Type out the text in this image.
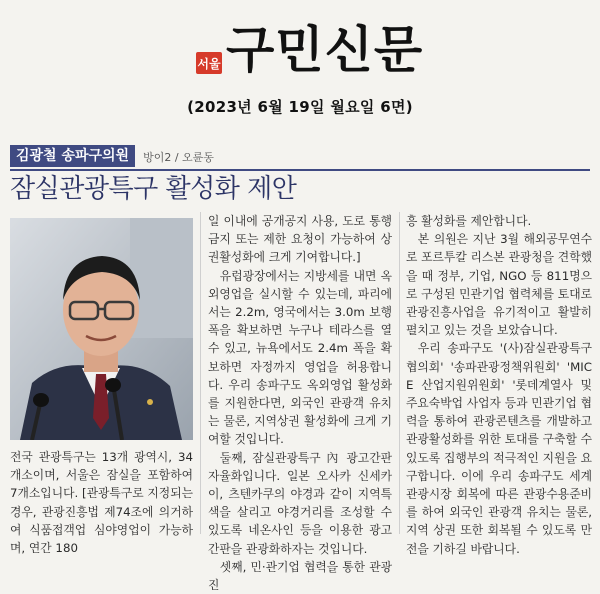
서울 구민신문
(2023년 6월 19일 월요일 6면)
김광철 송파구의원	방이2 / 오륜동
잠실관광특구 활성화 제안

전국 관광특구는 13개 광역시, 34개소이며, 서울은 잠실을 포함하여 7개소입니다. [관광특구로 지정되는 경우, 관광진흥법 제74조에 의거하여 식품접객업 심야영업이 가능하며, 연간 180

일 이내에 공개공지 사용, 도로 통행금지 또는 제한 요청이 가능하여 상권활성화에 크게 기여합니다.]

유럽광장에서는 지방세를 내면 옥외영업을 실시할 수 있는데, 파리에서는 2.2m, 영국에서는 3.0m 보행폭을 확보하면 누구나 테라스를 열 수 있고, 뉴욕에서도 2.4m 폭을 확보하면 자정까지 영업을 허용합니다. 우리 송파구도 옥외영업 활성화를 지원한다면, 외국인 관광객 유치는 물론, 지역상권 활성화에 크게 기여할 것입니다.

둘째, 잠실관광특구 內 광고간판 자율화입니다. 일본 오사카 신세카이, 츠텐카쿠의 야경과 같이 지역특색을 살리고 야경거리를 조성할 수 있도록 네온사인 등을 이용한 광고간판을 관광화하자는 것입니다.

셋째, 민·관기업 협력을 통한 관광진

흥 활성화를 제안합니다.

본 의원은 지난 3월 해외공무연수로 포르투칼 리스본 관광청을 견학했을 때 정부, 기업, NGO 등 811명으로 구성된 민관기업 협력체를 토대로 관광진흥사업을 유기적이고 활발히 펼치고 있는 것을 보았습니다.

우리 송파구도 '(사)잠실관광특구협의회' '송파관광정책위원회' 'MICE 산업지원위원회' '롯데계열사 및 주요숙박업 사업자 등과 민관기업 협력을 통하여 관광콘텐츠를 개발하고 관광활성화를 위한 토대를 구축할 수 있도록 집행부의 적극적인 지원을 요구합니다. 이에 우리 송파구도 세계관광시장 회복에 따른 관광수용준비를 하여 외국인 관광객 유치는 물론, 지역 상권 또한 회복될 수 있도록 만전을 기하길 바랍니다.
